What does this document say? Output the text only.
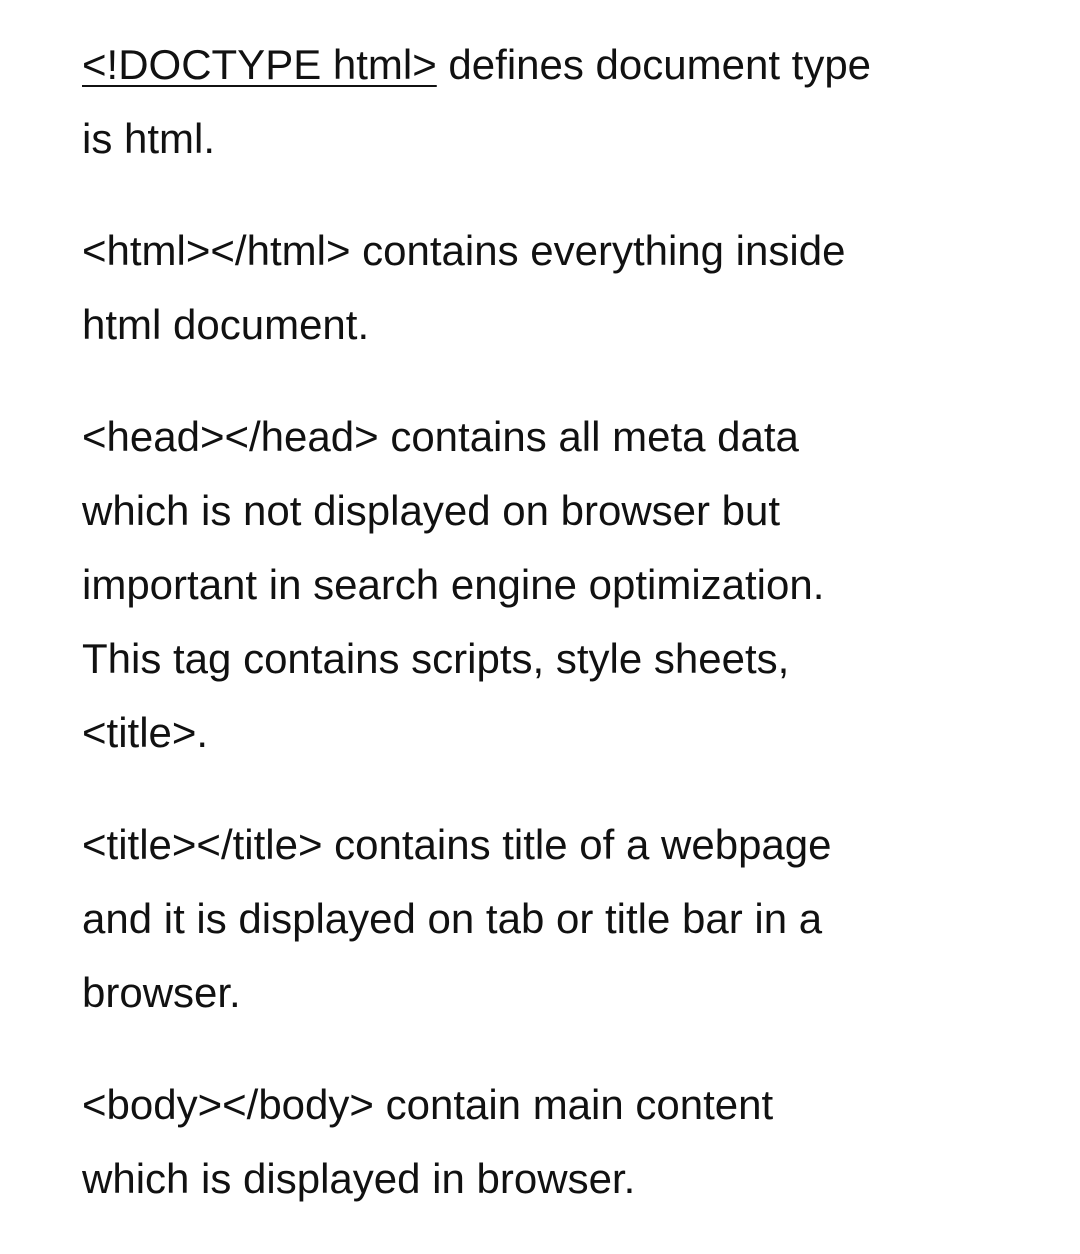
<!DOCTYPE html> defines document type
is html.

<html></html> contains everything inside
html document.

<head></head> contains all meta data
which is not displayed on browser but
important in search engine optimization.
This tag contains scripts, style sheets,
<title>.

<title></title> contains title of a webpage
and it is displayed on tab or title bar in a
browser.

<body></body> contain main content
which is displayed in browser.
